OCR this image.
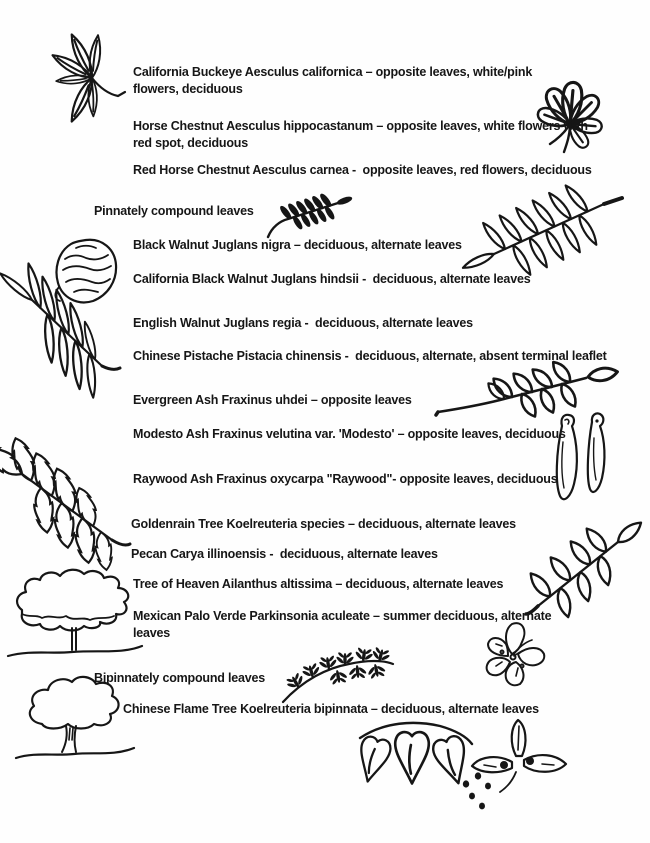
California Buckeye Aesculus californica – opposite leaves, white/pink flowers, deciduous
Horse Chestnut Aesculus hippocastanum – opposite leaves, white flowers with red spot, deciduous
Red Horse Chestnut Aesculus carnea -  opposite leaves, red flowers, deciduous
Pinnately compound leaves
Black Walnut Juglans nigra – deciduous, alternate leaves
California Black Walnut Juglans hindsii -  deciduous, alternate leaves
English Walnut Juglans regia -  deciduous, alternate leaves
Chinese Pistache Pistacia chinensis -  deciduous, alternate, absent terminal leaflet
Evergreen Ash Fraxinus uhdei – opposite leaves
Modesto Ash Fraxinus velutina var. 'Modesto' – opposite leaves, deciduous
Raywood Ash Fraxinus oxycarpa "Raywood"- opposite leaves, deciduous
Goldenrain Tree Koelreuteria species – deciduous, alternate leaves
Pecan Carya illinoensis -  deciduous, alternate leaves
Tree of Heaven Ailanthus altissima – deciduous, alternate leaves
Mexican Palo Verde Parkinsonia aculeate – summer deciduous, alternate leaves
Bipinnately compound leaves
Chinese Flame Tree Koelreuteria bipinnata – deciduous, alternate leaves
